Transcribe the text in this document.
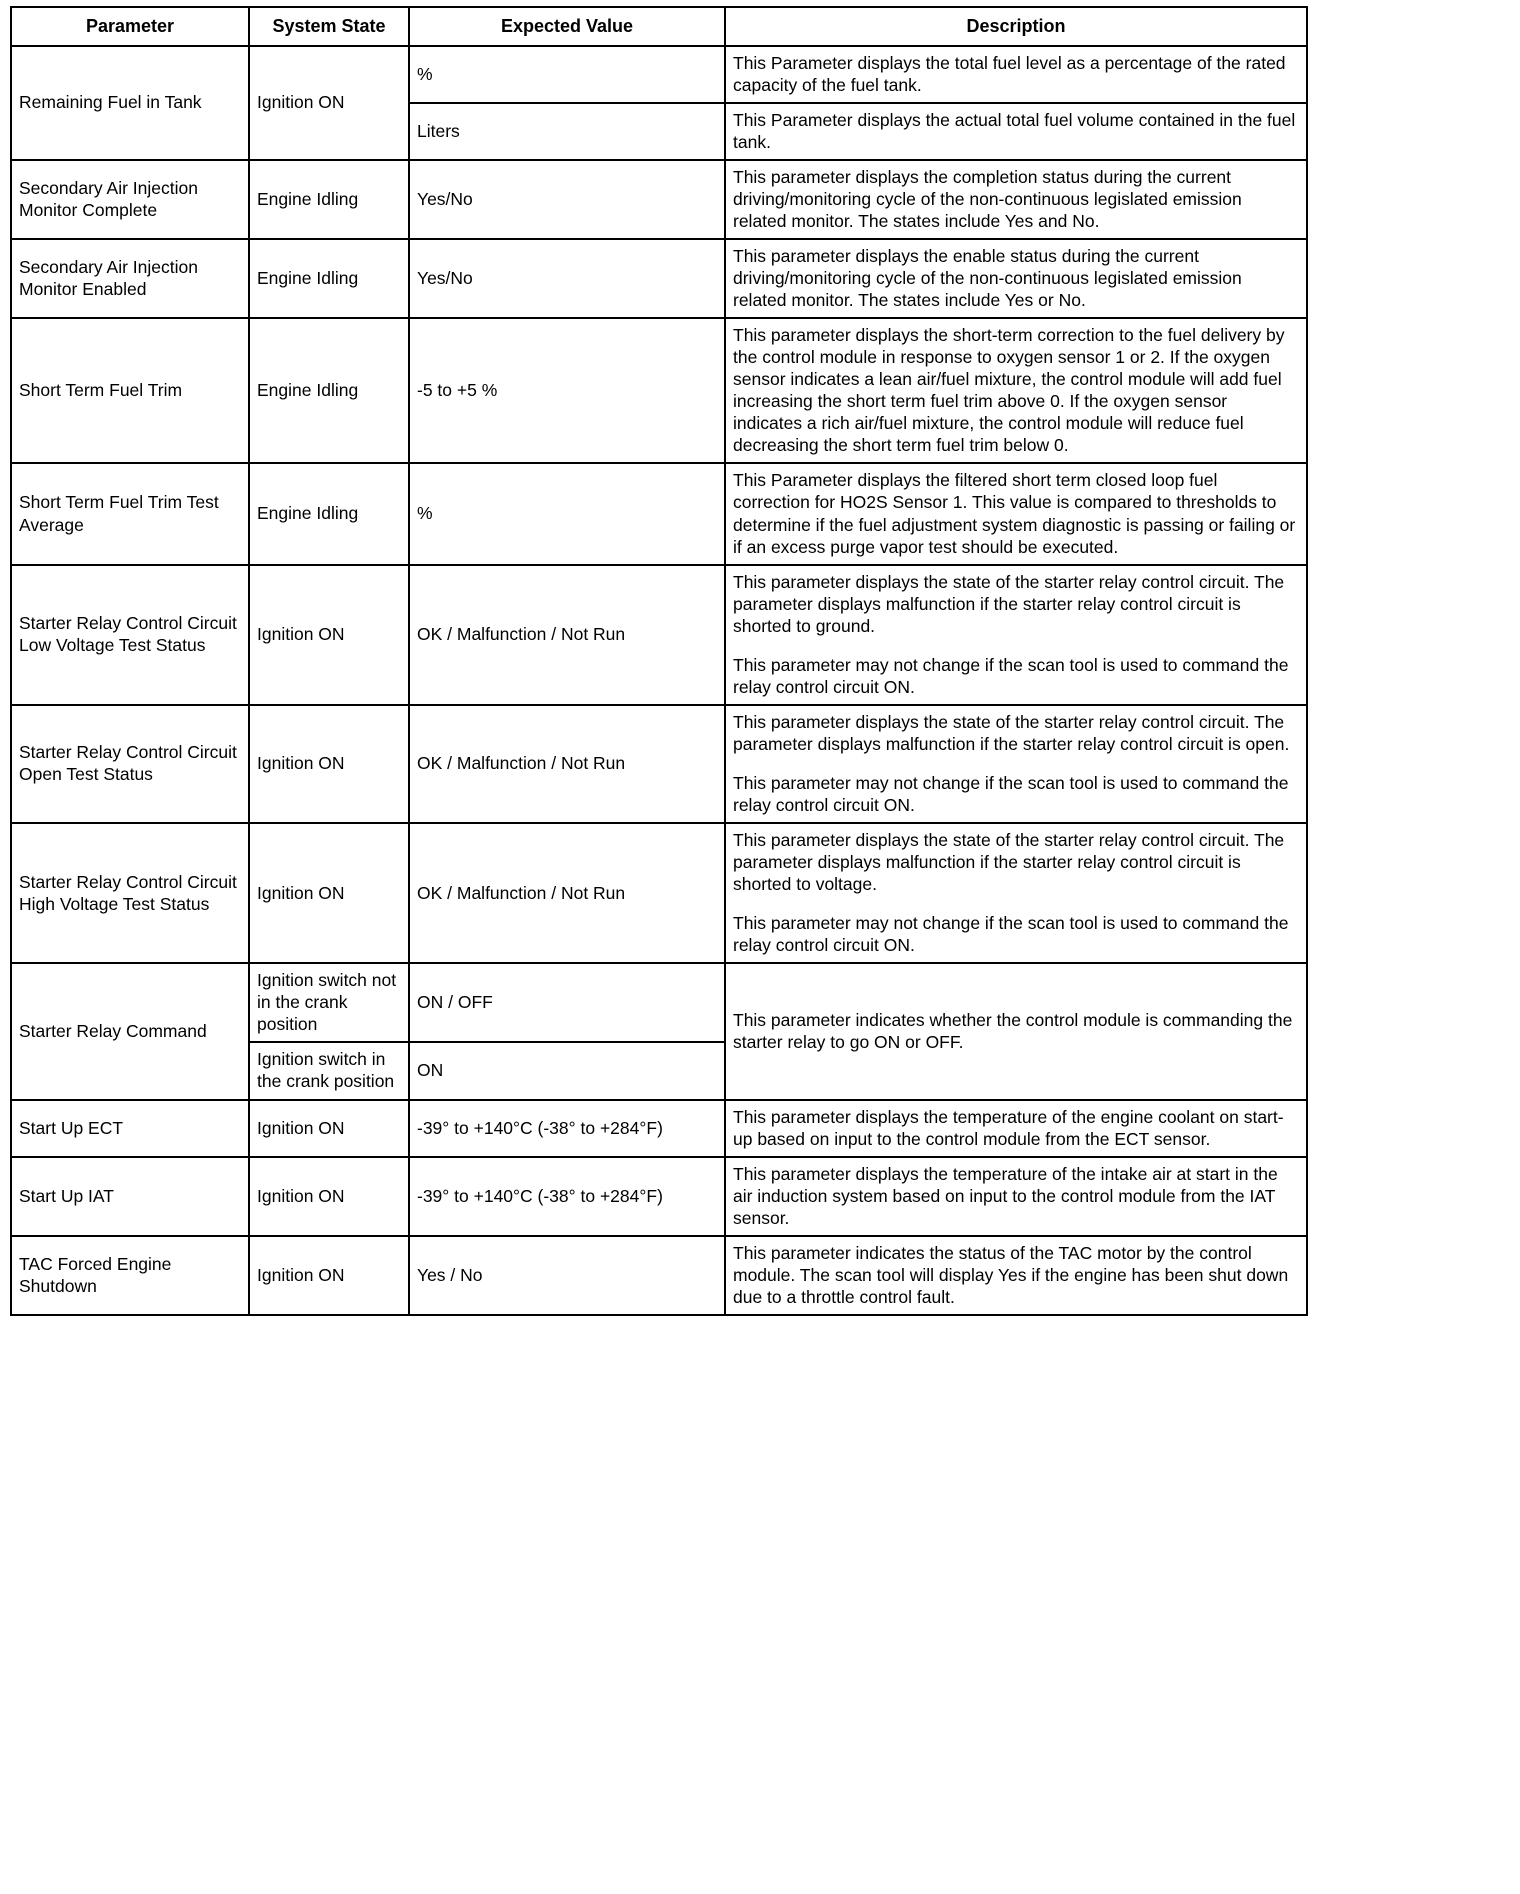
Parameter	System State	Expected Value	Description
Remaining Fuel in Tank	Ignition ON	%	This Parameter displays the total fuel level as a percentage of the rated capacity of the fuel tank.

		Liters	This Parameter displays the actual total fuel volume contained in the fuel tank.

Secondary Air Injection Monitor Complete	Engine Idling	Yes/No	This parameter displays the completion status during the current driving/monitoring cycle of the non-continuous legislated emission related monitor. The states include Yes and No.

Secondary Air Injection Monitor Enabled	Engine Idling	Yes/No	This parameter displays the enable status during the current driving/monitoring cycle of the non-continuous legislated emission related monitor. The states include Yes or No.

Short Term Fuel Trim	Engine Idling	-5 to +5 %	This parameter displays the short-term correction to the fuel delivery by the control module in response to oxygen sensor 1 or 2. If the oxygen sensor indicates a lean air/fuel mixture, the control module will add fuel increasing the short term fuel trim above 0. If the oxygen sensor indicates a rich air/fuel mixture, the control module will reduce fuel decreasing the short term fuel trim below 0.

Short Term Fuel Trim Test Average	Engine Idling	%	This Parameter displays the filtered short term closed loop fuel correction for HO2S Sensor 1. This value is compared to thresholds to determine if the fuel adjustment system diagnostic is passing or failing or if an excess purge vapor test should be executed.

Starter Relay Control Circuit Low Voltage Test Status	Ignition ON	OK / Malfunction / Not Run	This parameter displays the state of the starter relay control circuit. The parameter displays malfunction if the starter relay control circuit is shorted to ground.

This parameter may not change if the scan tool is used to command the relay control circuit ON.

Starter Relay Control Circuit Open Test Status	Ignition ON	OK / Malfunction / Not Run	This parameter displays the state of the starter relay control circuit. The parameter displays malfunction if the starter relay control circuit is open.

This parameter may not change if the scan tool is used to command the relay control circuit ON.

Starter Relay Control Circuit High Voltage Test Status	Ignition ON	OK / Malfunction / Not Run	This parameter displays the state of the starter relay control circuit. The parameter displays malfunction if the starter relay control circuit is shorted to voltage.

This parameter may not change if the scan tool is used to command the relay control circuit ON.

Starter Relay Command	Ignition switch not in the crank position	ON / OFF	This parameter indicates whether the control module is commanding the starter relay to go ON or OFF.

	Ignition switch in the crank position	ON	
Start Up ECT	Ignition ON	-39° to +140°C (-38° to +284°F)	This parameter displays the temperature of the engine coolant on start-up based on input to the control module from the ECT sensor.

Start Up IAT	Ignition ON	-39° to +140°C (-38° to +284°F)	This parameter displays the temperature of the intake air at start in the air induction system based on input to the control module from the IAT sensor.

TAC Forced Engine Shutdown	Ignition ON	Yes / No	This parameter indicates the status of the TAC motor by the control module. The scan tool will display Yes if the engine has been shut down due to a throttle control fault.
